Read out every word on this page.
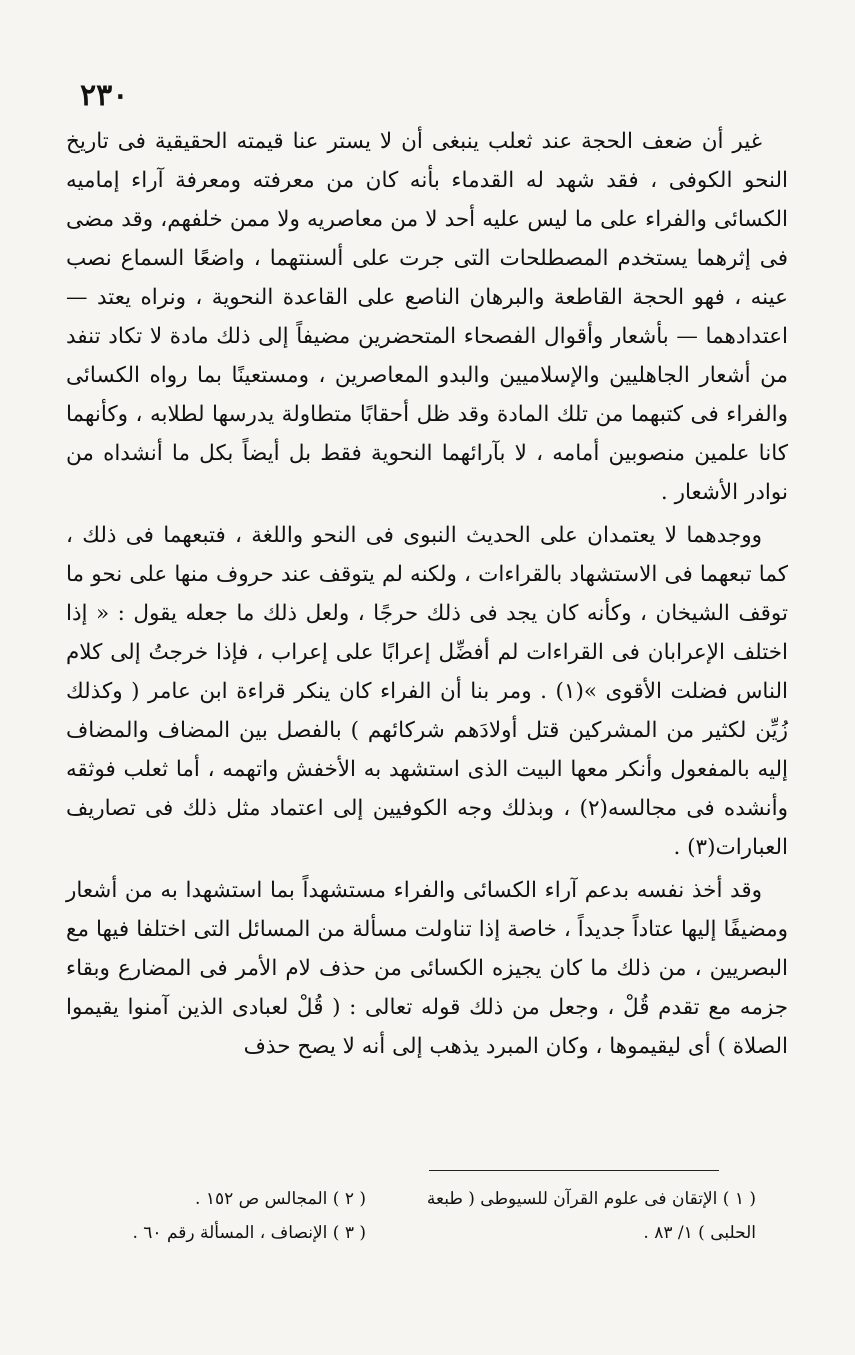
٢٣٠

غير أن ضعف الحجة عند ثعلب ينبغى أن لا يستر عنا قيمته الحقيقية فى تاريخ النحو الكوفى ، فقد شهد له القدماء بأنه كان من معرفته ومعرفة آراء إماميه الكسائى والفراء على ما ليس عليه أحد لا من معاصريه ولا ممن خلفهم، وقد مضى فى إثرهما يستخدم المصطلحات التى جرت على ألسنتهما ، واضعًا السماع نصب عينه ، فهو الحجة القاطعة والبرهان الناصع على القاعدة النحوية ، ونراه يعتد — اعتدادهما — بأشعار وأقوال الفصحاء المتحضرين مضيفاً إلى ذلك مادة لا تكاد تنفد من أشعار الجاهليين والإسلاميين والبدو المعاصرين ، ومستعينًا بما رواه الكسائى والفراء فى كتبهما من تلك المادة وقد ظل أحقابًا متطاولة يدرسها لطلابه ، وكأنهما كانا علمين منصوبين أمامه ، لا بآرائهما النحوية فقط بل أيضاً بكل ما أنشداه من نوادر الأشعار .

ووجدهما لا يعتمدان على الحديث النبوى فى النحو واللغة ، فتبعهما فى ذلك ، كما تبعهما فى الاستشهاد بالقراءات ، ولكنه لم يتوقف عند حروف منها على نحو ما توقف الشيخان ، وكأنه كان يجد فى ذلك حرجًا ، ولعل ذلك ما جعله يقول : « إذا اختلف الإعرابان فى القراءات لم أفضِّل إعرابًا على إعراب ، فإذا خرجتُ إلى كلام الناس فضلت الأقوى »(١) . ومر بنا أن الفراء كان ينكر قراءة ابن عامر ( وكذلك زُيِّن لكثير من المشركين قتل أولادَهم شركائهم ) بالفصل بين المضاف والمضاف إليه بالمفعول وأنكر معها البيت الذى استشهد به الأخفش واتهمه ، أما ثعلب فوثقه وأنشده فى مجالسه(٢) ، وبذلك وجه الكوفيين إلى اعتماد مثل ذلك فى تصاريف العبارات(٣) .

وقد أخذ نفسه بدعم آراء الكسائى والفراء مستشهداً بما استشهدا به من أشعار ومضيفًا إليها عتاداً جديداً ، خاصة إذا تناولت مسألة من المسائل التى اختلفا فيها مع البصريين ، من ذلك ما كان يجيزه الكسائى من حذف لام الأمر فى المضارع وبقاء جزمه مع تقدم قُلْ ، وجعل من ذلك قوله تعالى : ( قُلْ لعبادى الذين آمنوا يقيموا الصلاة ) أى ليقيموها ، وكان المبرد يذهب إلى أنه لا يصح حذف

( ١ ) الإتقان فى علوم القرآن للسيوطى ( طبعة
الحلبى ) ١/ ٨٣ .
( ٢ ) المجالس ص ١٥٢ .
( ٣ ) الإنصاف ، المسألة رقم ٦٠ .
